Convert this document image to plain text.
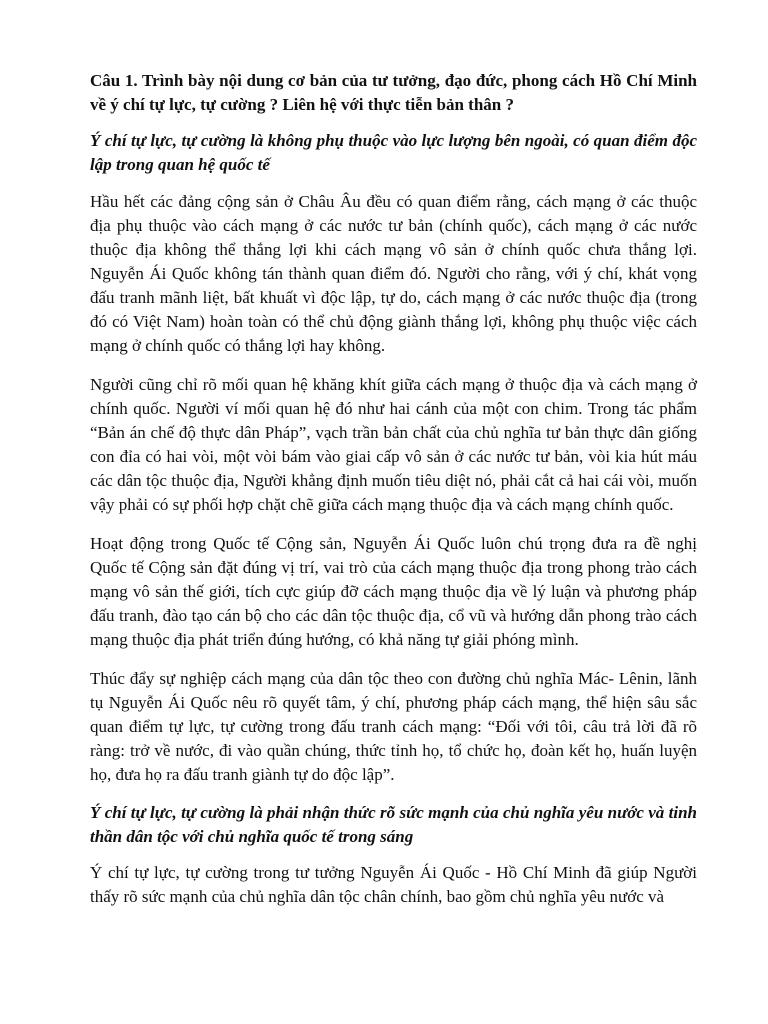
Câu 1. Trình bày nội dung cơ bản của tư tưởng, đạo đức, phong cách Hồ Chí Minh về ý chí tự lực, tự cường ? Liên hệ với thực tiễn bản thân ?

Ý chí tự lực, tự cường là không phụ thuộc vào lực lượng bên ngoài, có quan điểm độc lập trong quan hệ quốc tế

Hầu hết các đảng cộng sản ở Châu Âu đều có quan điểm rằng, cách mạng ở các thuộc địa phụ thuộc vào cách mạng ở các nước tư bản (chính quốc), cách mạng ở các nước thuộc địa không thể thắng lợi khi cách mạng vô sản ở chính quốc chưa thắng lợi. Nguyễn Ái Quốc không tán thành quan điểm đó. Người cho rằng, với ý chí, khát vọng đấu tranh mãnh liệt, bất khuất vì độc lập, tự do, cách mạng ở các nước thuộc địa (trong đó có Việt Nam) hoàn toàn có thể chủ động giành thắng lợi, không phụ thuộc việc cách mạng ở chính quốc có thắng lợi hay không.

Người cũng chỉ rõ mối quan hệ khăng khít giữa cách mạng ở thuộc địa và cách mạng ở chính quốc. Người ví mối quan hệ đó như hai cánh của một con chim. Trong tác phẩm “Bản án chế độ thực dân Pháp”, vạch trần bản chất của chủ nghĩa tư bản thực dân giống con đỉa có hai vòi, một vòi bám vào giai cấp vô sản ở các nước tư bản, vòi kia hút máu các dân tộc thuộc địa, Người khẳng định muốn tiêu diệt nó, phải cắt cả hai cái vòi, muốn vậy phải có sự phối hợp chặt chẽ giữa cách mạng thuộc địa và cách mạng chính quốc.

Hoạt động trong Quốc tế Cộng sản, Nguyễn Ái Quốc luôn chú trọng đưa ra đề nghị Quốc tế Cộng sản đặt đúng vị trí, vai trò của cách mạng thuộc địa trong phong trào cách mạng vô sản thế giới, tích cực giúp đỡ cách mạng thuộc địa về lý luận và phương pháp đấu tranh, đào tạo cán bộ cho các dân tộc thuộc địa, cổ vũ và hướng dẫn phong trào cách mạng thuộc địa phát triển đúng hướng, có khả năng tự giải phóng mình.

Thúc đẩy sự nghiệp cách mạng của dân tộc theo con đường chủ nghĩa Mác- Lênin, lãnh tụ Nguyễn Ái Quốc nêu rõ quyết tâm, ý chí, phương pháp cách mạng, thể hiện sâu sắc quan điểm tự lực, tự cường trong đấu tranh cách mạng: “Đối với tôi, câu trả lời đã rõ ràng: trở về nước, đi vào quần chúng, thức tỉnh họ, tổ chức họ, đoàn kết họ, huấn luyện họ, đưa họ ra đấu tranh giành tự do độc lập”.

Ý chí tự lực, tự cường là phải nhận thức rõ sức mạnh của chủ nghĩa yêu nước và tinh thần dân tộc với chủ nghĩa quốc tế trong sáng

Ý chí tự lực, tự cường trong tư tưởng Nguyễn Ái Quốc - Hồ Chí Minh đã giúp Người thấy rõ sức mạnh của chủ nghĩa dân tộc chân chính, bao gồm chủ nghĩa yêu nước và
